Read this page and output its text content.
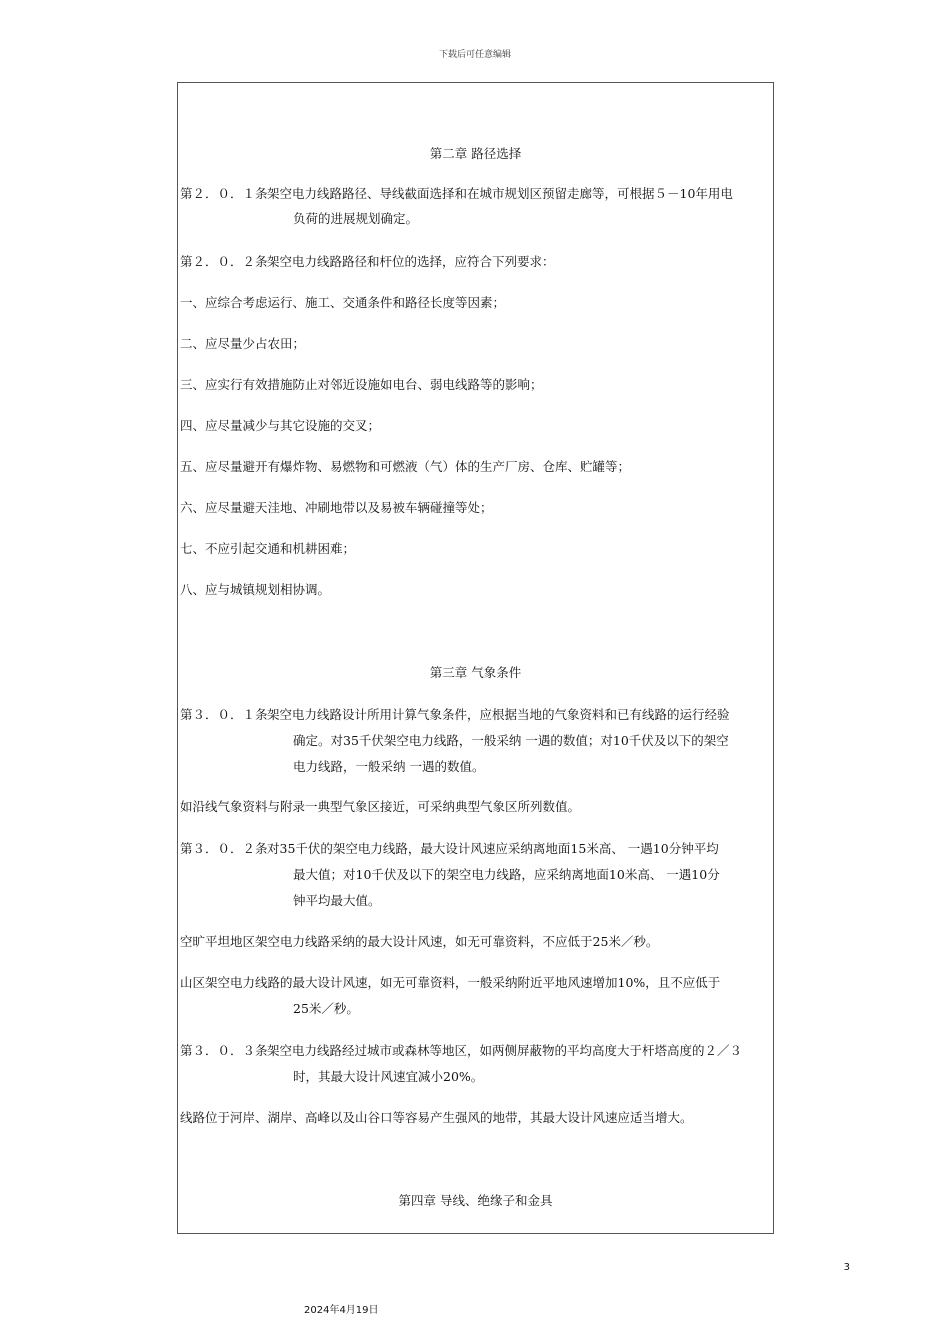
下载后可任意编辑
第二章 路径选择
第２．０．１条 架空电力线路路径、导线截面选择和在城市规划区预留走廊等，可根据５－10年用电
负荷的进展规划确定。
第２．０．２条 架空电力线路路径和杆位的选择，应符合下列要求：
一、应综合考虑运行、施工、交通条件和路径长度等因素；
二、应尽量少占农田；
三、应实行有效措施防止对邻近设施如电台、弱电线路等的影响；
四、应尽量减少与其它设施的交叉；
五、应尽量避开有爆炸物、易燃物和可燃液（气）体的生产厂房、仓库、贮罐等；
六、应尽量避天洼地、冲刷地带以及易被车辆碰撞等处；
七、不应引起交通和机耕困难；
八、应与城镇规划相协调。
第三章 气象条件
第３．０．１条 架空电力线路设计所用计算气象条件，应根据当地的气象资料和已有线路的运行经验
确定。对35千伏架空电力线路，一般采纳 一遇的数值；对10千伏及以下的架空
电力线路，一般采纳 一遇的数值。
如沿线气象资料与附录一典型气象区接近，可采纳典型气象区所列数值。
第３．０．２条 对35千伏的架空电力线路，最大设计风速应采纳离地面15米高、 一遇10分钟平均
最大值；对10千伏及以下的架空电力线路，应采纳离地面10米高、 一遇10分
钟平均最大值。
空旷平坦地区架空电力线路采纳的最大设计风速，如无可靠资料，不应低于25米／秒。
山区架空电力线路的最大设计风速，如无可靠资料，一般采纳附近平地风速增加10%，且不应低于
25米／秒。
第３．０．３条 架空电力线路经过城市或森林等地区，如两侧屏蔽物的平均高度大于杆塔高度的２／３
时，其最大设计风速宜减小20%。
线路位于河岸、湖岸、高峰以及山谷口等容易产生强风的地带，其最大设计风速应适当增大。
第四章 导线、绝缘子和金具
3
2024年4月19日
